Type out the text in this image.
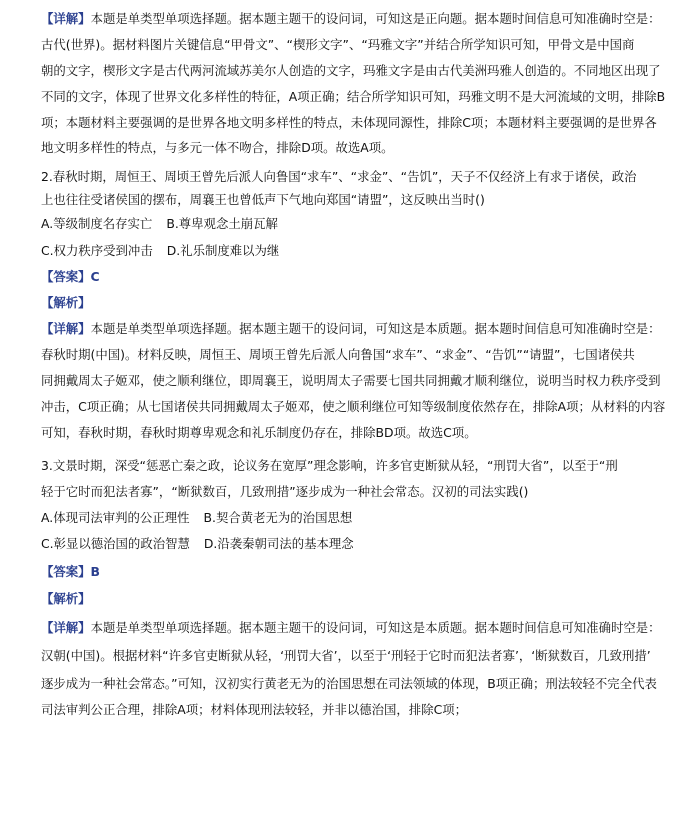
【详解】本题是单类型单项选择题。据本题主题干的设问词，可知这是正向题。据本题时间信息可知准确时空是：
古代(世界)。据材料图片关键信息“甲骨文”、“楔形文字”、“玛雅文字”并结合所学知识可知，甲骨文是中国商
朝的文字，楔形文字是古代两河流域苏美尔人创造的文字，玛雅文字是由古代美洲玛雅人创造的。不同地区出现了
不同的文字，体现了世界文化多样性的特征，A项正确；结合所学知识可知，玛雅文明不是大河流域的文明，排除B
项；本题材料主要强调的是世界各地文明多样性的特点，未体现同源性，排除C项；本题材料主要强调的是世界各
地文明多样性的特点，与多元一体不吻合，排除D项。故选A项。
2.春秋时期，周恒王、周顷王曾先后派人向鲁国“求车”、“求金”、“告饥”，天子不仅经济上有求于诸侯，政治
上也往往受诸侯国的摆布，周襄王也曾低声下气地向郑国“请盟”，这反映出当时()
A.等级制度名存实亡 B.尊卑观念土崩瓦解
C.权力秩序受到冲击 D.礼乐制度难以为继
【答案】C
【解析】
【详解】本题是单类型单项选择题。据本题主题干的设问词，可知这是本质题。据本题时间信息可知准确时空是：
春秋时期(中国)。材料反映，周恒王、周顷王曾先后派人向鲁国“求车”、“求金”、“告饥”“请盟”，七国诸侯共
同拥戴周太子姬邓，使之顺利继位，即周襄王，说明周太子需要七国共同拥戴才顺利继位，说明当时权力秩序受到
冲击，C项正确；从七国诸侯共同拥戴周太子姬邓，使之顺利继位可知等级制度依然存在，排除A项；从材料的内容
可知，春秋时期，春秋时期尊卑观念和礼乐制度仍存在，排除BD项。故选C项。
3.文景时期，深受“惩恶亡秦之政，论议务在宽厚”理念影响，许多官吏断狱从轻，“刑罚大省”，以至于“刑
轻于它时而犯法者寡”，“断狱数百，几致刑措”逐步成为一种社会常态。汉初的司法实践()
A.体现司法审判的公正理性 B.契合黄老无为的治国思想
C.彰显以德治国的政治智慧 D.沿袭秦朝司法的基本理念
【答案】B
【解析】
【详解】本题是单类型单项选择题。据本题主题干的设问词，可知这是本质题。据本题时间信息可知准确时空是：
汉朝(中国)。根据材料“许多官吏断狱从轻，‘刑罚大省’，以至于‘刑轻于它时而犯法者寡’，‘断狱数百，几致刑措’
逐步成为一种社会常态。”可知，汉初实行黄老无为的治国思想在司法领域的体现，B项正确；刑法较轻不完全代表
司法审判公正合理，排除A项；材料体现刑法较轻，并非以德治国，排除C项；
